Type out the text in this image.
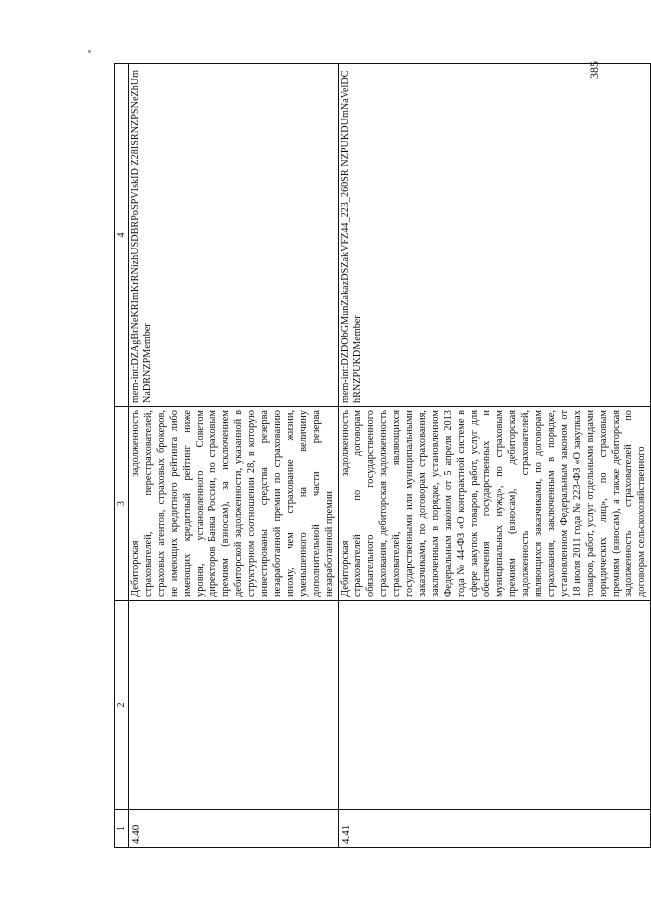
385
1	2	3	4
4.40		Дебиторская задолженность страхователей, перестрахователей, страховых агентов, страховых брокеров, не имеющих кредитного рейтинга либо имеющих кредитный рейтинг ниже уровня, установленного Советом директоров Банка России, по страховым премиям (взносам), за исключением дебиторской задолженности, указанной в структурном соотношении 28, в которую инвестированы средства резерва незаработанной премии по страхованию иному, чем страхование жизни, уменьшенного на величину дополнительной части резерва незаработанной премии	mem-int:DZAgBrNeKRImKrRNizhUSDBRPoSPVIskID Z28ISRNZPSNeZhUmNaDRNZPMember
4.41		Дебиторская задолженность страхователей по договорам обязательного государственного страхования, дебиторская задолженность страхователей, являющихся государственными или муниципальными заказчиками, по договорам страхования, заключенным в порядке, установленном Федеральным законом от 5 апреля 2013 года № 44-ФЗ «О контрактной системе в сфере закупок товаров, работ, услуг для обеспечения государственных и муниципальных нужд», по страховым премиям (взносам), дебиторская задолженность страхователей, являющихся заказчиками, по договорам страхования, заключенным в порядке, установленном Федеральным законом от 18 июля 2011 года № 223-ФЗ «О закупках товаров, работ, услуг отдельными видами юридических лиц», по страховым премиям (взносам), а также дебиторская задолженность страхователей по договорам сельскохозяйственного	mem-int:DZDObGMunZakazDSZakVFZ44_223_260SR NZPUKDUmNaVelDChRNZPUKDMember
